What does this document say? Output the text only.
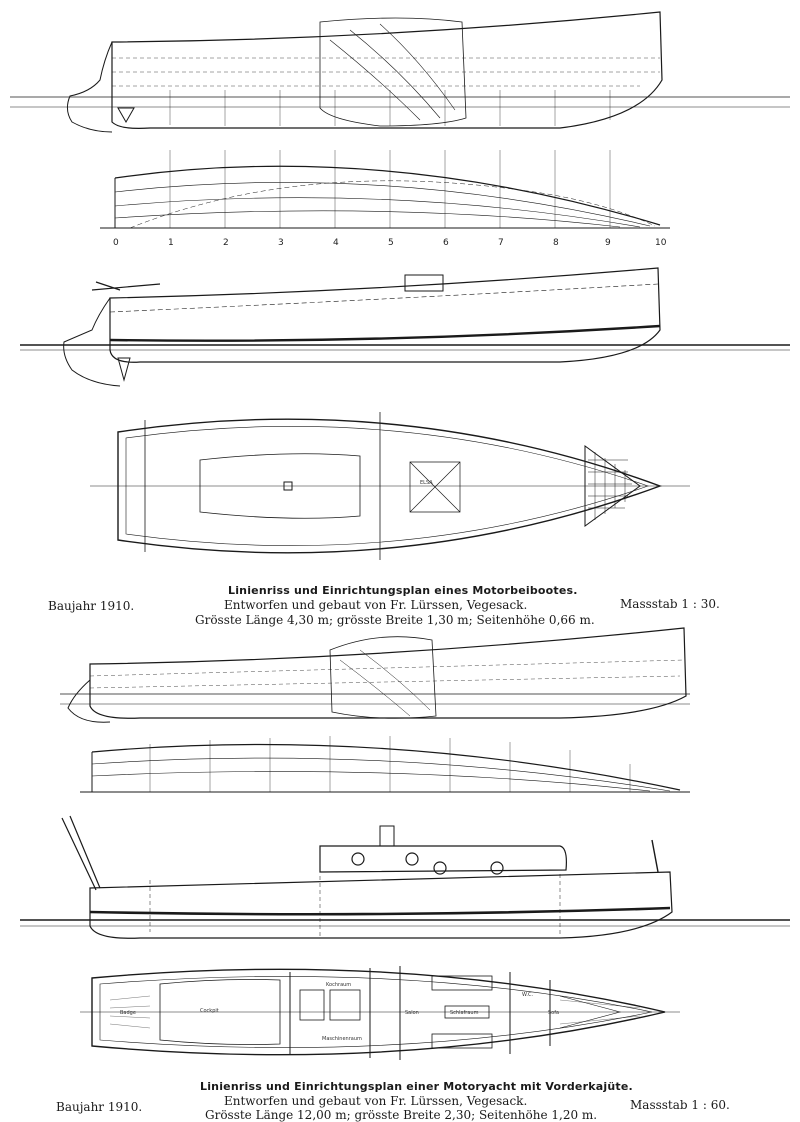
0	1	2	3	4	5	6	7	8	9	10
ELSA
Kochraum
Maschinenraum
Salon	Schlafraum
W.C.
Sofa
Badge	Cockpit
Linienriss und Einrichtungsplan eines Motorbeibootes.
Entworfen und gebaut von Fr. Lürssen, Vegesack.
Grösste Länge 4,30 m; grösste Breite 1,30 m; Seitenhöhe 0,66 m.
Baujahr 1910.	Massstab 1 : 30.
Linienriss und Einrichtungsplan einer Motoryacht mit Vorderkajüte.
Entworfen und gebaut von Fr. Lürssen, Vegesack.
Grösste Länge 12,00 m; grösste Breite 2,30; Seitenhöhe 1,20 m.
Baujahr 1910.	Massstab 1 : 60.
